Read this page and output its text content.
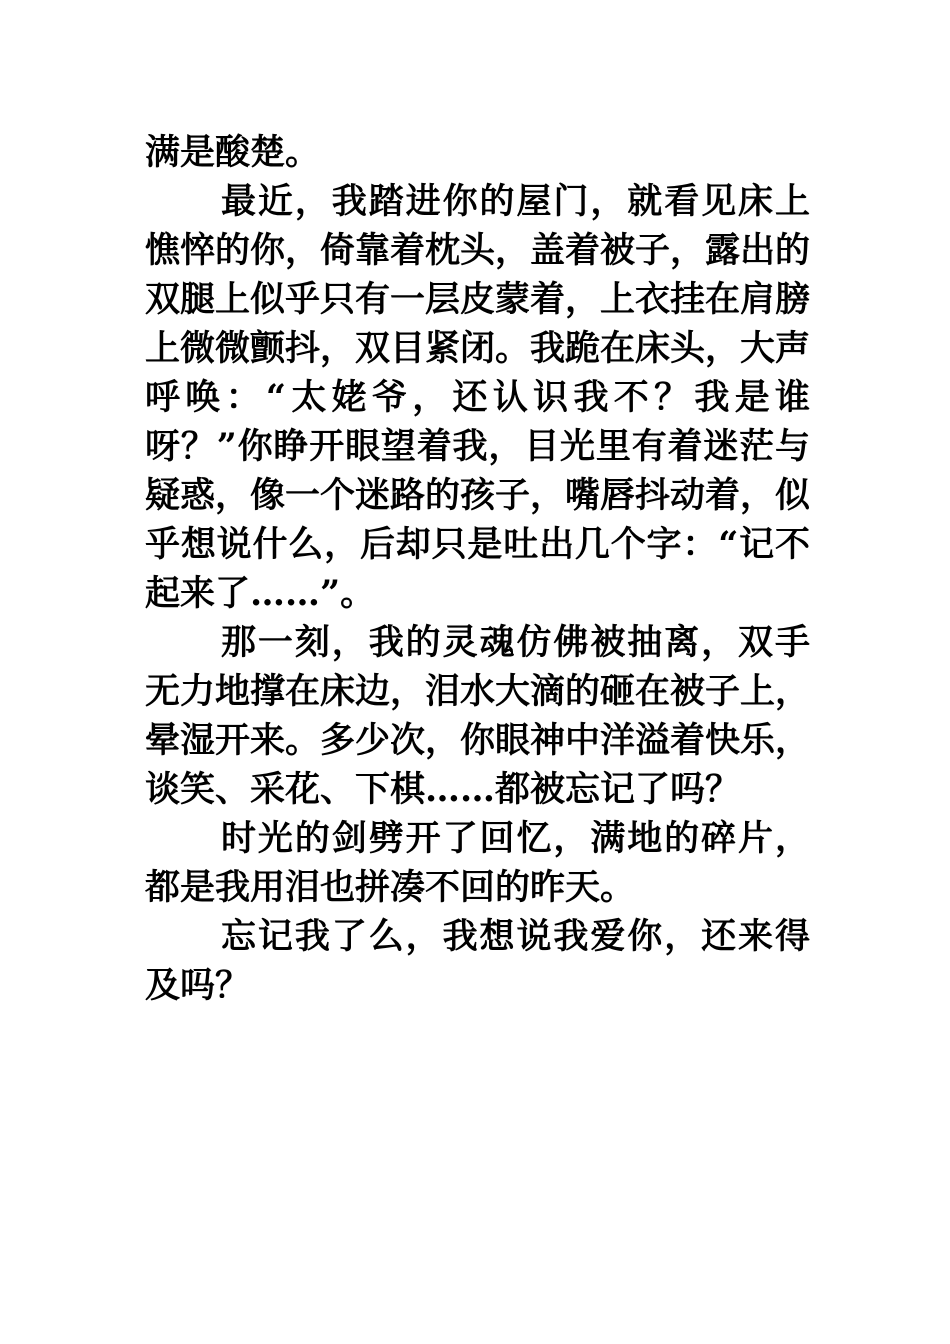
满是酸楚。

最近，我踏进你的屋门，就看见床上憔悴的你，倚靠着枕头，盖着被子，露出的双腿上似乎只有一层皮蒙着，上衣挂在肩膀上微微颤抖，双目紧闭。我跪在床头，大声呼唤：“太姥爷，还认识我不？我是谁呀？”你睁开眼望着我，目光里有着迷茫与疑惑，像一个迷路的孩子，嘴唇抖动着，似乎想说什么，后却只是吐出几个字：“记不起来了……”。

那一刻，我的灵魂仿佛被抽离，双手无力地撑在床边，泪水大滴的砸在被子上，晕湿开来。多少次，你眼神中洋溢着快乐，谈笑、采花、下棋……都被忘记了吗？

时光的剑劈开了回忆，满地的碎片，都是我用泪也拼凑不回的昨天。

忘记我了么，我想说我爱你，还来得及吗？
